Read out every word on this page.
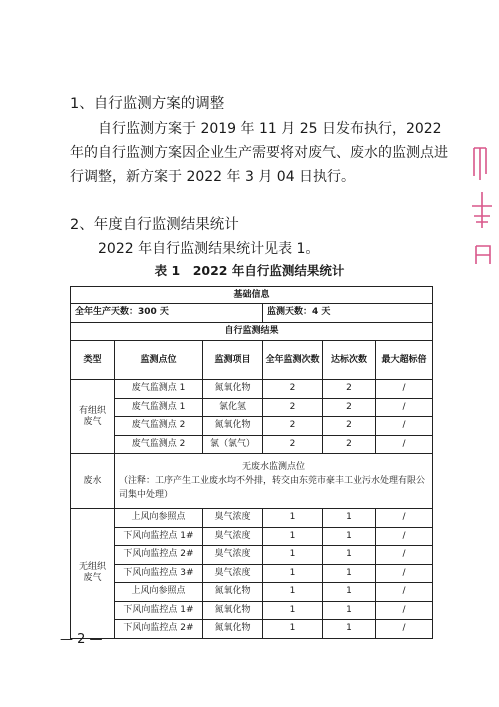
1、自行监测方案的调整
自行监测方案于 2019 年 11 月 25 日发布执行，2022 年的自行监测方案因企业生产需要将对废气、废水的监测点进行调整，新方案于 2022 年 3 月 04 日执行。
2、年度自行监测结果统计
2022 年自行监测结果统计见表 1。
表 1　2022 年自行监测结果统计
基础信息					
全年生产天数：300 天			监测天数：4 天		
自行监测结果					
类型	监测点位	监测项目	全年监测次数	达标次数	最大超标倍
有组织废气	废气监测点 1	氮氧化物	2	2	/
	废气监测点 1	氯化氢	2	2	/
	废气监测点 2	氮氧化物	2	2	/
	废气监测点 2	氯（氯气）	2	2	/
废水	无废水监测点位
（注释：工序产生工业废水均不外排，转交由东莞市豪丰工业污水处理有限公司集中处理）				

无组织废气	上风向参照点	臭气浓度	1	1	/
	下风向监控点 1#	臭气浓度	1	1	/
	下风向监控点 2#	臭气浓度	1	1	/
	下风向监控点 3#	臭气浓度	1	1	/
	上风向参照点	氮氧化物	1	1	/
	下风向监控点 1#	氮氧化物	1	1	/
	下风向监控点 2#	氮氧化物	1	1	/
— 2 —
